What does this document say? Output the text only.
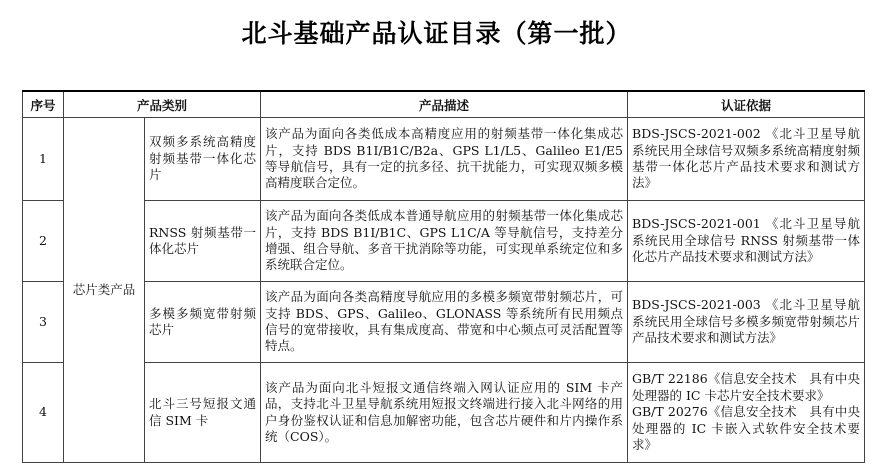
北斗基础产品认证目录（第一批）
序号	产品类别		产品描述	认证依据
1	芯片类产品	双频多系统高精度射频基带一体化芯片	该产品为面向各类低成本高精度应用的射频基带一体化集成芯片，支持 BDS B1I/B1C/B2a、GPS L1/L5、Galileo E1/E5 等导航信号，具有一定的抗多径、抗干扰能力，可实现双频多模高精度联合定位。	BDS-JSCS-2021-002 《北斗卫星导航系统民用全球信号双频多系统高精度射频基带一体化芯片产品技术要求和测试方法》

2		RNSS 射频基带一体化芯片	该产品为面向各类低成本普通导航应用的射频基带一体化集成芯片，支持 BDS B1I/B1C、GPS L1C/A 等导航信号，支持差分增强、组合导航、多音干扰消除等功能，可实现单系统定位和多系统联合定位。	BDS-JSCS-2021-001 《北斗卫星导航系统民用全球信号 RNSS 射频基带一体化芯片产品技术要求和测试方法》

3		多模多频宽带射频芯片	该产品为面向各类高精度导航应用的多模多频宽带射频芯片，可支持 BDS、GPS、Galileo、GLONASS 等系统所有民用频点信号的宽带接收，具有集成度高、带宽和中心频点可灵活配置等特点。	BDS-JSCS-2021-003 《北斗卫星导航系统民用全球信号多模多频宽带射频芯片产品技术要求和测试方法》

4		北斗三号短报文通信 SIM 卡	该产品为面向北斗短报文通信终端入网认证应用的 SIM 卡产品，支持北斗卫星导航系统用短报文终端进行接入北斗网络的用户身份鉴权认证和信息加解密功能，包含芯片硬件和片内操作系统（COS）。	GB/T 22186《信息安全技术　具有中央处理器的 IC 卡芯片安全技术要求》
GB/T 20276《信息安全技术　具有中央处理器的 IC 卡嵌入式软件安全技术要求》
